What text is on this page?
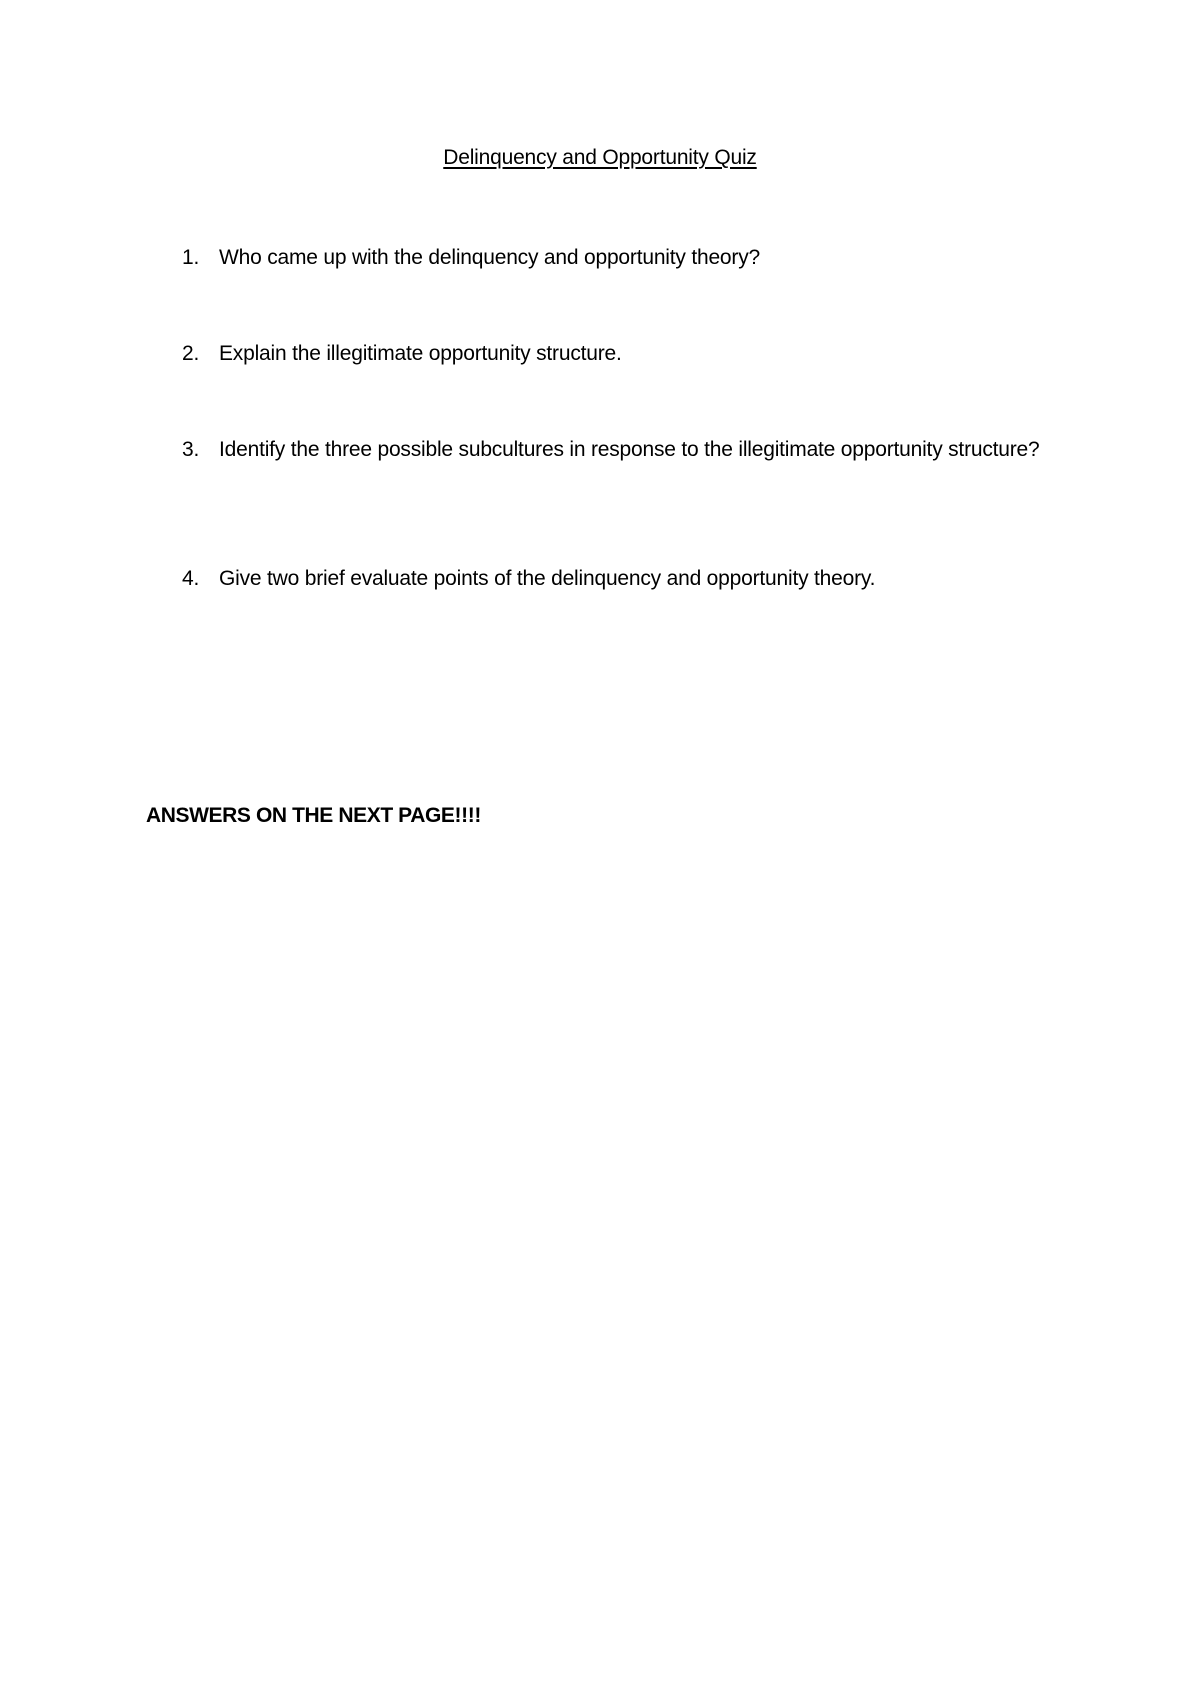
Delinquency and Opportunity Quiz
1. Who came up with the delinquency and opportunity theory?
2. Explain the illegitimate opportunity structure.
3. Identify the three possible subcultures in response to the illegitimate opportunity structure?
4. Give two brief evaluate points of the delinquency and opportunity theory.
ANSWERS ON THE NEXT PAGE!!!!
